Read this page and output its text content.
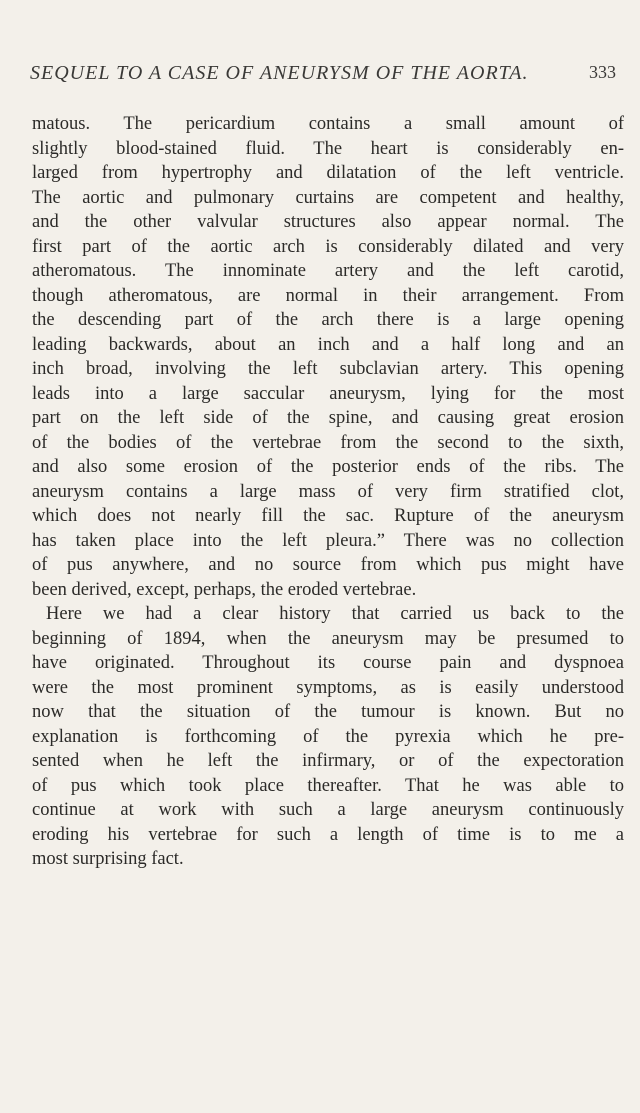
SEQUEL TO A CASE OF ANEURYSM OF THE AORTA.	333
matous. The pericardium contains a small amount of
slightly blood-stained fluid. The heart is considerably en-
larged from hypertrophy and dilatation of the left ventricle.
The aortic and pulmonary curtains are competent and healthy,
and the other valvular structures also appear normal. The
first part of the aortic arch is considerably dilated and very
atheromatous. The innominate artery and the left carotid,
though atheromatous, are normal in their arrangement. From
the descending part of the arch there is a large opening
leading backwards, about an inch and a half long and an
inch broad, involving the left subclavian artery. This opening
leads into a large saccular aneurysm, lying for the most
part on the left side of the spine, and causing great erosion
of the bodies of the vertebrae from the second to the sixth,
and also some erosion of the posterior ends of the ribs. The
aneurysm contains a large mass of very firm stratified clot,
which does not nearly fill the sac. Rupture of the aneurysm
has taken place into the left pleura.” There was no collection
of pus anywhere, and no source from which pus might have
been derived, except, perhaps, the eroded vertebrae.
Here we had a clear history that carried us back to the
beginning of 1894, when the aneurysm may be presumed to
have originated. Throughout its course pain and dyspnoea
were the most prominent symptoms, as is easily understood
now that the situation of the tumour is known. But no
explanation is forthcoming of the pyrexia which he pre-
sented when he left the infirmary, or of the expectoration
of pus which took place thereafter. That he was able to
continue at work with such a large aneurysm continuously
eroding his vertebrae for such a length of time is to me a
most surprising fact.
